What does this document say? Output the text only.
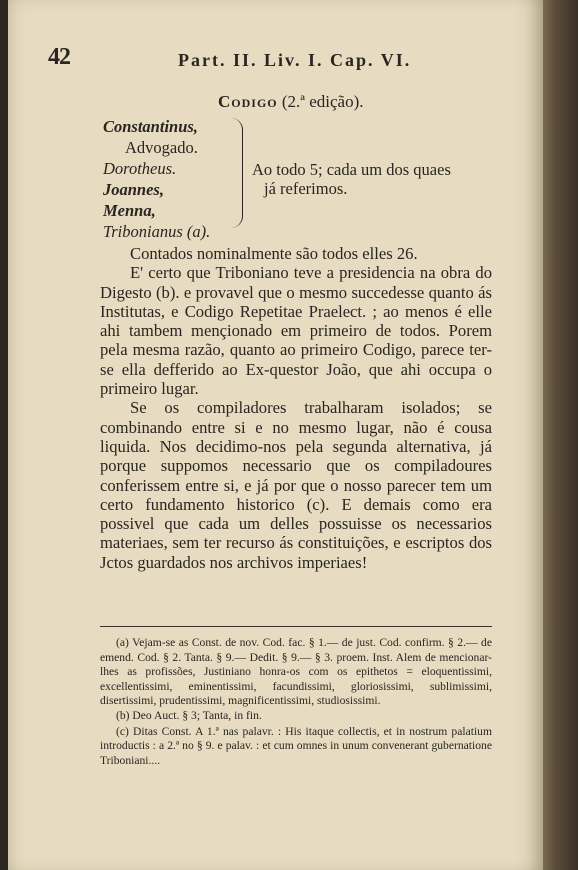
42	Part. II. Liv. I. Cap. VI.
Codigo (2.ª edição).
Constantinus,
Advogado.
Dorotheus.
Joannes,
Menna,
Tribonianus (a).
Ao todo 5; cada um dos quaes
já referimos.

Contados nominalmente são todos elles 26.

E' certo que Triboniano teve a presidencia na obra do Digesto (b). e provavel que o mesmo succedesse quanto ás Institutas, e Codigo Repetitae Praelect. ; ao menos é elle ahi tambem mençionado em primeiro de todos. Porem pela mesma razão, quanto ao primeiro Codigo, parece ter-se ella defferido ao Ex-questor João, que ahi occupa o primeiro lugar.

Se os compiladores trabalharam isolados; se combinando entre si e no mesmo lugar, não é cousa liquida. Nos decidimo-nos pela segunda alternativa, já porque suppomos necessario que os compiladoures conferissem entre si, e já por que o nosso parecer tem um certo fundamento historico (c). E demais como era possivel que cada um delles possuisse os necessarios materiaes, sem ter recurso ás constituições, e escriptos dos Jctos guardados nos archivos imperiaes!

(a) Vejam-se as Const. de nov. Cod. fac. § 1.— de just. Cod. confirm. § 2.— de emend. Cod. § 2. Tanta. § 9.— Dedit. § 9.— § 3. proem. Inst. Alem de mencionar-lhes as profissões, Justiniano honra-os com os epithetos = eloquentissimi, excellentissimi, eminentissimi, facundissimi, gloriosissimi, sublimissimi, disertissimi, prudentissimi, magnificentissimi, studiosissimi.

(b) Deo Auct. § 3; Tanta, in fin.

(c) Ditas Const. A 1.ª nas palavr. : His itaque collectis, et in nostrum palatium introductis : a 2.ª no § 9. e palav. : et cum omnes in unum convenerant gubernatione Triboniani....
